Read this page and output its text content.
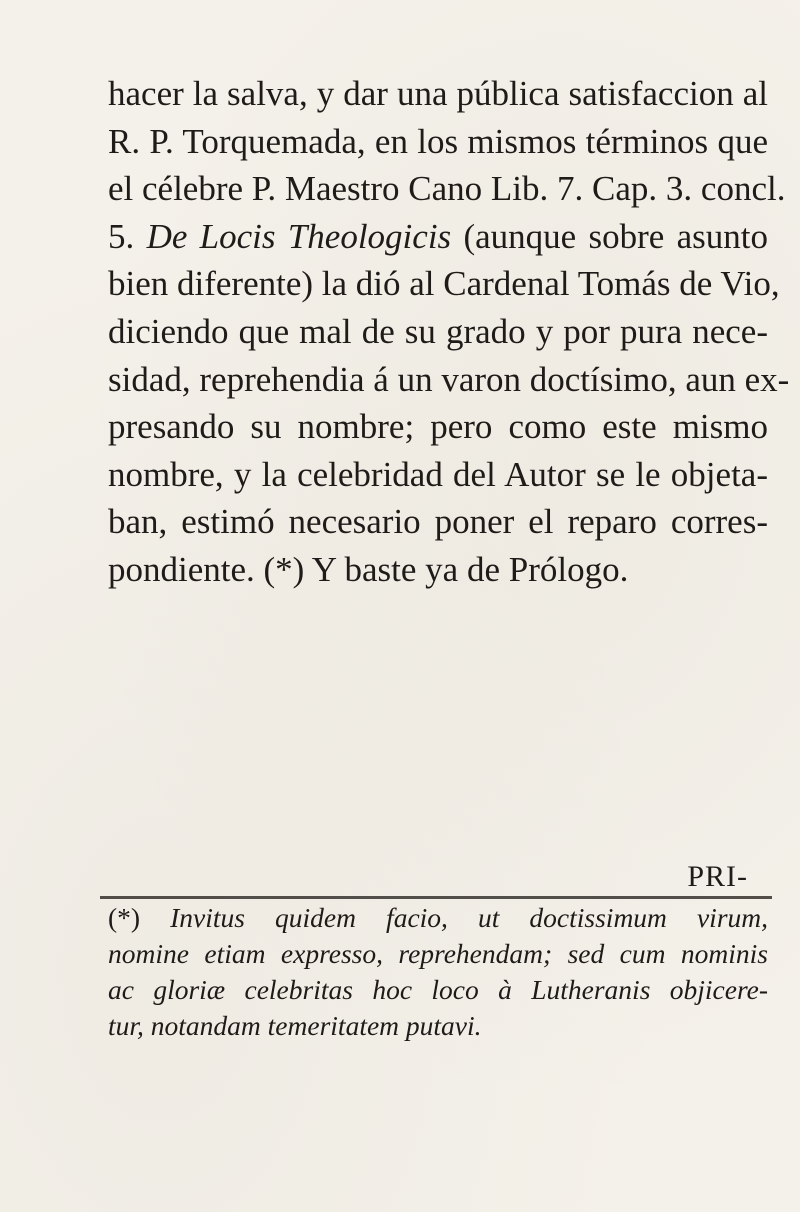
hacer la salva, y dar una pública satisfaccion al
R. P. Torquemada, en los mismos términos que
el célebre P. Maestro Cano Lib. 7. Cap. 3. concl.
5. De Locis Theologicis (aunque sobre asunto
bien diferente) la dió al Cardenal Tomás de Vio,
diciendo que mal de su grado y por pura nece-
sidad, reprehendia á un varon doctísimo, aun ex-
presando su nombre; pero como este mismo
nombre, y la celebridad del Autor se le objeta-
ban, estimó necesario poner el reparo corres-
pondiente. (*) Y baste ya de Prólogo.
PRI-
(*) Invitus quidem facio, ut doctissimum virum,
nomine etiam expresso, reprehendam; sed cum nominis
ac gloriæ celebritas hoc loco à Lutheranis objicere-
tur, notandam temeritatem putavi.
